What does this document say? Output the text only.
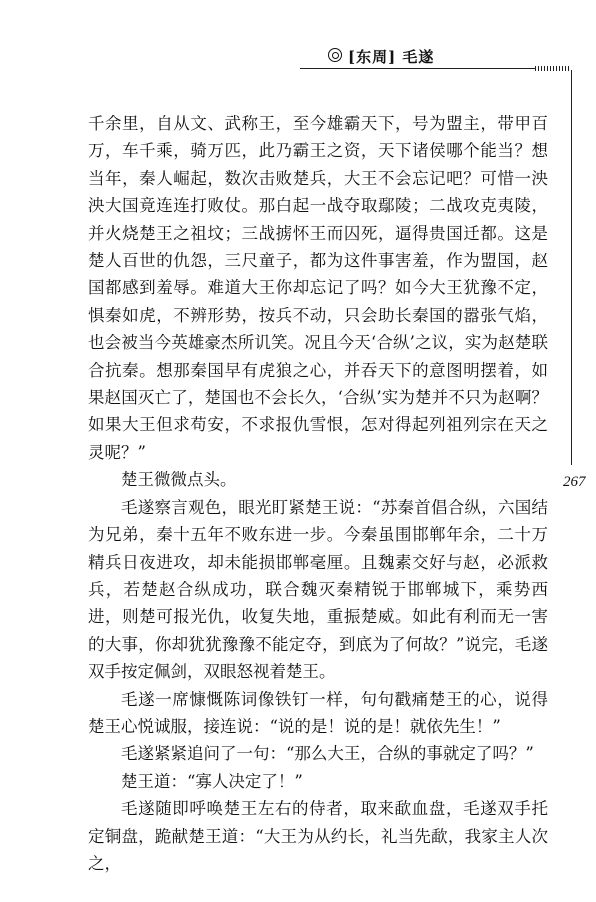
[东周] 毛遂
267

千余里，自从文、武称王，至今雄霸天下，号为盟主，带甲百万，车千乘，骑万匹，此乃霸王之资，天下诸侯哪个能当？想当年，秦人崛起，数次击败楚兵，大王不会忘记吧？可惜一泱泱大国竟连连打败仗。那白起一战夺取鄢陵；二战攻克夷陵，并火烧楚王之祖坟；三战掳怀王而囚死，逼得贵国迁都。这是楚人百世的仇怨，三尺童子，都为这件事害羞，作为盟国，赵国都感到羞辱。难道大王你却忘记了吗？如今大王犹豫不定，惧秦如虎，不辨形势，按兵不动，只会助长秦国的嚣张气焰，也会被当今英雄豪杰所讥笑。况且今天‘合纵’之议，实为赵楚联合抗秦。想那秦国早有虎狼之心，并吞天下的意图明摆着，如果赵国灭亡了，楚国也不会长久，‘合纵’实为楚并不只为赵啊？如果大王但求苟安，不求报仇雪恨，怎对得起列祖列宗在天之灵呢？”

楚王微微点头。

毛遂察言观色，眼光盯紧楚王说：“苏秦首倡合纵，六国结为兄弟，秦十五年不败东进一步。今秦虽围邯郸年余，二十万精兵日夜进攻，却未能损邯郸毫厘。且魏素交好与赵，必派救兵，若楚赵合纵成功，联合魏灭秦精锐于邯郸城下，乘势西进，则楚可报光仇，收复失地，重振楚威。如此有利而无一害的大事，你却犹犹豫豫不能定夺，到底为了何故？”说完，毛遂双手按定佩剑，双眼怒视着楚王。

毛遂一席慷慨陈词像铁钉一样，句句戳痛楚王的心，说得楚王心悦诚服，接连说：“说的是！说的是！就依先生！”

毛遂紧紧追问了一句：“那么大王，合纵的事就定了吗？”

楚王道：“寡人决定了！”

毛遂随即呼唤楚王左右的侍者，取来歃血盘，毛遂双手托定铜盘，跪献楚王道：“大王为从约长，礼当先歃，我家主人次之，
